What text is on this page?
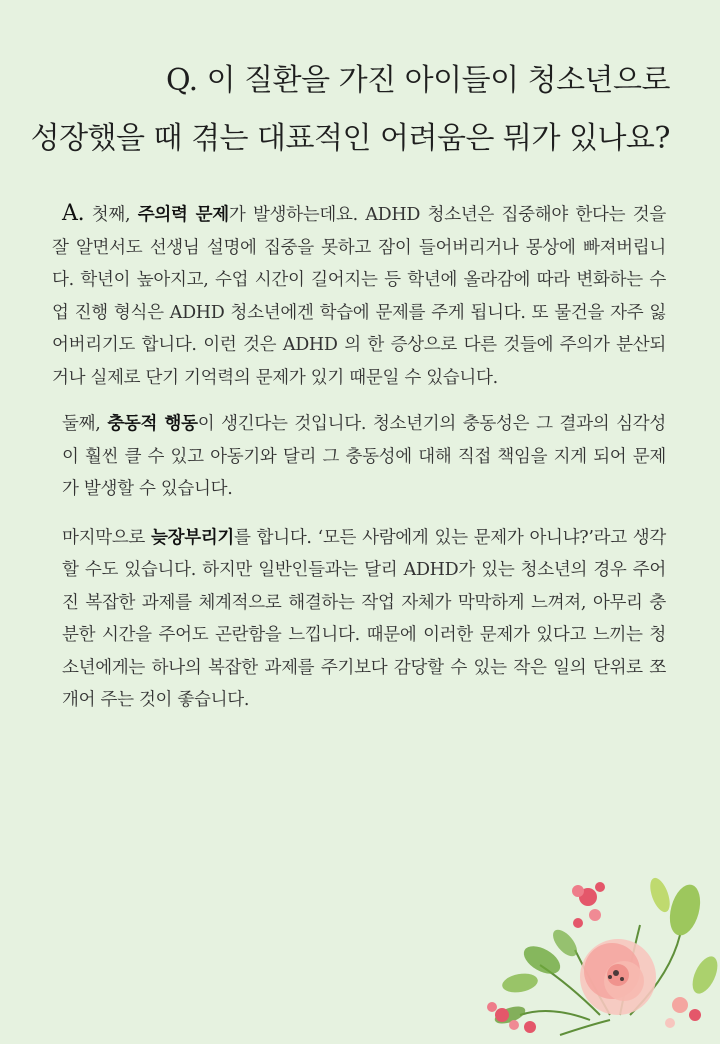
Q. 이 질환을 가진 아이들이 청소년으로
성장했을 때 겪는 대표적인 어려움은 뭐가 있나요?

A. 첫째, 주의력 문제가 발생하는데요. ADHD 청소년은 집중해야 한다는 것을 잘 알면서도 선생님 설명에 집중을 못하고 잠이 들어버리거나 몽상에 빠져버립니다. 학년이 높아지고, 수업 시간이 길어지는 등 학년에 올라감에 따라 변화하는 수업 진행 형식은 ADHD 청소년에겐 학습에 문제를 주게 됩니다. 또 물건을 자주 잃어버리기도 합니다. 이런 것은 ADHD 의 한 증상으로 다른 것들에 주의가 분산되거나 실제로 단기 기억력의 문제가 있기 때문일 수 있습니다.

둘째, 충동적 행동이 생긴다는 것입니다. 청소년기의 충동성은 그 결과의 심각성이 훨씬 클 수 있고 아동기와 달리 그 충동성에 대해 직접 책임을 지게 되어 문제가 발생할 수 있습니다.

마지막으로 늦장부리기를 합니다. ‘모든 사람에게 있는 문제가 아니냐?’라고 생각할 수도 있습니다. 하지만 일반인들과는 달리 ADHD가 있는 청소년의 경우 주어진 복잡한 과제를 체계적으로 해결하는 작업 자체가 막막하게 느껴져, 아무리 충분한 시간을 주어도 곤란함을 느낍니다. 때문에 이러한 문제가 있다고 느끼는 청소년에게는 하나의 복잡한 과제를 주기보다 감당할 수 있는 작은 일의 단위로 쪼개어 주는 것이 좋습니다.
